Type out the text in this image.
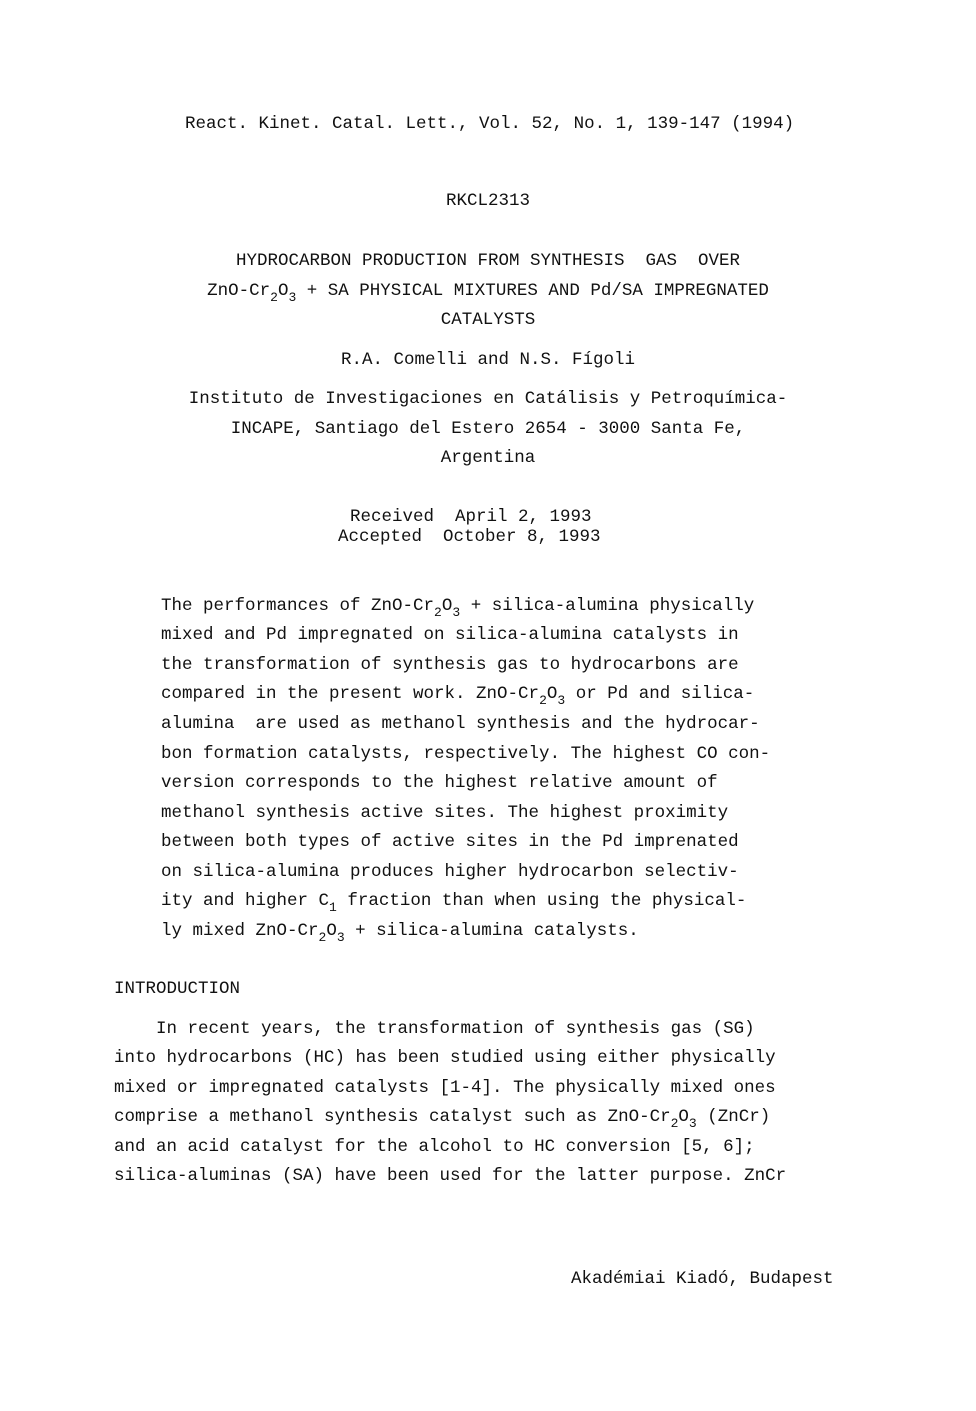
React. Kinet. Catal. Lett., Vol. 52, No. 1, 139-147 (1994)
RKCL2313
HYDROCARBON PRODUCTION FROM SYNTHESIS  GAS  OVER
ZnO-$Cr_2O_3$ + SA PHYSICAL MIXTURES AND Pd/SA IMPREGNATED
CATALYSTS
R.A. Comelli and N.S. Fígoli
Instituto de Investigaciones en Catálisis y Petroquímica-
INCAPE, Santiago del Estero 2654 - 3000 Santa Fe,
Argentina
Received  April 2, 1993
Accepted  October 8, 1993
The performances of ZnO-$Cr_2O_3$ + silica-alumina physically
mixed and Pd impregnated on silica-alumina catalysts in
the transformation of synthesis gas to hydrocarbons are
compared in the present work. ZnO-$Cr_2O_3$ or Pd and silica-
alumina  are used as methanol synthesis and the hydrocar-
bon formation catalysts, respectively. The highest CO con-
version corresponds to the highest relative amount of
methanol synthesis active sites. The highest proximity
between both types of active sites in the Pd imprenated
on silica-alumina produces higher hydrocarbon selectiv-
ity and higher $C_1$ fraction than when using the physical-
ly mixed ZnO-$Cr_2O_3$ + silica-alumina catalysts.
INTRODUCTION
In recent years, the transformation of synthesis gas (SG)
into hydrocarbons (HC) has been studied using either physically
mixed or impregnated catalysts [1-4]. The physically mixed ones
comprise a methanol synthesis catalyst such as ZnO-$Cr_2O_3$ (ZnCr)
and an acid catalyst for the alcohol to HC conversion [5, 6];
silica-aluminas (SA) have been used for the latter purpose. ZnCr
Akadémiai Kiadó, Budapest
